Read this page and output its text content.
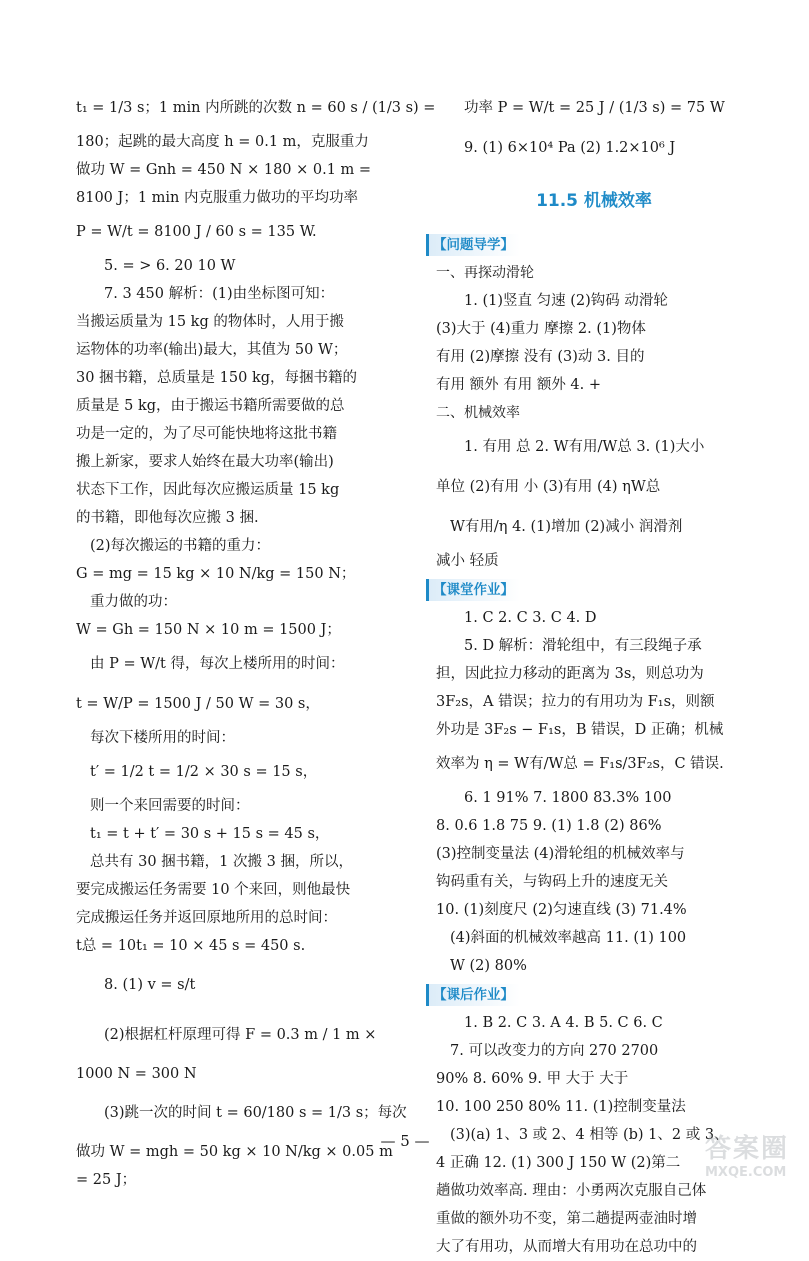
t₁ = 1/3 s；1 min 内所跳的次数 n = 60 s / (1/3 s) =
180；起跳的最大高度 h = 0.1 m，克服重力
做功 W = Gnh = 450 N × 180 × 0.1 m =
8100 J；1 min 内克服重力做功的平均功率
P = W/t = 8100 J / 60 s = 135 W.
5. = > 6. 20 10 W
7. 3 450 解析：(1)由坐标图可知：
当搬运质量为 15 kg 的物体时，人用于搬
运物体的功率(输出)最大，其值为 50 W；
30 捆书籍，总质量是 150 kg，每捆书籍的
质量是 5 kg，由于搬运书籍所需要做的总
功是一定的，为了尽可能快地将这批书籍
搬上新家，要求人始终在最大功率(输出)
状态下工作，因此每次应搬运质量 15 kg
的书籍，即他每次应搬 3 捆.
(2)每次搬运的书籍的重力：
G = mg = 15 kg × 10 N/kg = 150 N；
重力做的功：
W = Gh = 150 N × 10 m = 1500 J；
由 P = W/t 得，每次上楼所用的时间：
t = W/P = 1500 J / 50 W = 30 s，
每次下楼所用的时间：
t′ = 1/2 t = 1/2 × 30 s = 15 s，
则一个来回需要的时间：
t₁ = t + t′ = 30 s + 15 s = 45 s，
总共有 30 捆书籍，1 次搬 3 捆，所以，
要完成搬运任务需要 10 个来回，则他最快
完成搬运任务并返回原地所用的总时间：
t总 = 10t₁ = 10 × 45 s = 450 s.
8. (1) v = s/t
(2)根据杠杆原理可得 F = 0.3 m / 1 m ×
1000 N = 300 N
(3)跳一次的时间 t = 60/180 s = 1/3 s；每次
做功 W = mgh = 50 kg × 10 N/kg × 0.05 m
= 25 J；
功率 P = W/t = 25 J / (1/3 s) = 75 W
9. (1) 6×10⁴ Pa (2) 1.2×10⁶ J
11.5 机械效率
【问题导学】
一、再探动滑轮
1. (1)竖直 匀速 (2)钩码 动滑轮
(3)大于 (4)重力 摩擦 2. (1)物体
有用 (2)摩擦 没有 (3)动 3. 目的
有用 额外 有用 额外 4. +
二、机械效率
1. 有用 总 2. W有用/W总 3. (1)大小
单位 (2)有用 小 (3)有用 (4) ηW总
W有用/η 4. (1)增加 (2)减小 润滑剂
减小 轻质
【课堂作业】
1. C 2. C 3. C 4. D
5. D 解析：滑轮组中，有三段绳子承
担，因此拉力移动的距离为 3s，则总功为
3F₂s，A 错误；拉力的有用功为 F₁s，则额
外功是 3F₂s − F₁s，B 错误，D 正确；机械
效率为 η = W有/W总 = F₁s/3F₂s，C 错误.
6. 1 91% 7. 1800 83.3% 100
8. 0.6 1.8 75 9. (1) 1.8 (2) 86%
(3)控制变量法 (4)滑轮组的机械效率与
钩码重有关，与钩码上升的速度无关
10. (1)刻度尺 (2)匀速直线 (3) 71.4%
(4)斜面的机械效率越高 11. (1) 100
W (2) 80%
【课后作业】
1. B 2. C 3. A 4. B 5. C 6. C
7. 可以改变力的方向 270 2700
90% 8. 60% 9. 甲 大于 大于
10. 100 250 80% 11. (1)控制变量法
(3)(a) 1、3 或 2、4 相等 (b) 1、2 或 3、
4 正确 12. (1) 300 J 150 W (2)第二
趟做功效率高. 理由：小勇两次克服自己体
重做的额外功不变，第二趟提两壶油时增
大了有用功，从而增大有用功在总功中的
— 5 —	答案圈
MXQE.COM
